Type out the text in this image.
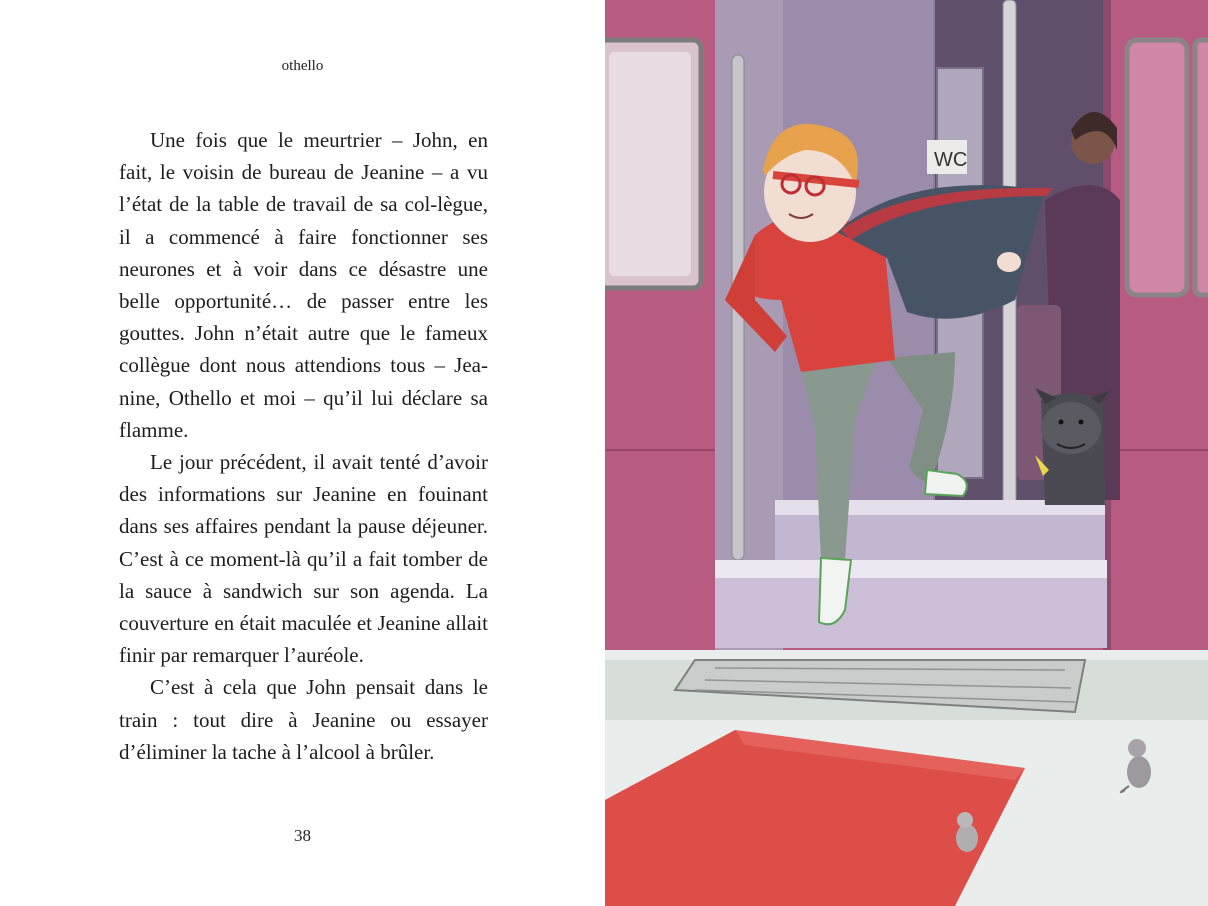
othello

Une fois que le meurtrier – John, en fait, le voisin de bureau de Jeanine – a vu l’état de la table de travail de sa col-lègue, il a commencé à faire fonctionner ses neurones et à voir dans ce désastre une belle opportunité… de passer entre les gouttes. John n’était autre que le fameux collègue dont nous attendions tous – Jea-nine, Othello et moi – qu’il lui déclare sa flamme.

Le jour précédent, il avait tenté d’avoir des informations sur Jeanine en fouinant dans ses affaires pendant la pause déjeuner. C’est à ce moment-là qu’il a fait tomber de la sauce à sandwich sur son agenda. La couverture en était maculée et Jeanine allait finir par remarquer l’auréole.

C’est à cela que John pensait dans le train : tout dire à Jeanine ou essayer d’éliminer la tache à l’alcool à brûler.

38
WC
